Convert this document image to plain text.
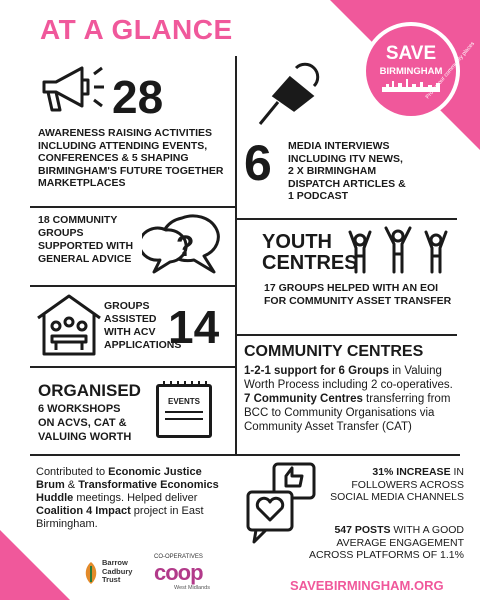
AT A GLANCE
SAVE
BIRMINGHAM
Protect our community places
28
AWARENESS RAISING ACTIVITIES INCLUDING ATTENDING EVENTS, CONFERENCES & 5 SHAPING BIRMINGHAM'S FUTURE TOGETHER MARKETPLACES	6 MEDIA INTERVIEWS
INCLUDING ITV NEWS,
2 X BIRMINGHAM
DISPATCH ARTICLES &
1 PODCAST
18 COMMUNITY GROUPS SUPPORTED WITH GENERAL ADVICE	?	YOUTH
CENTRES
17 GROUPS HELPED WITH AN EOI FOR COMMUNITY ASSET TRANSFER
GROUPS ASSISTED WITH ACV APPLICATIONS
14 COMMUNITY CENTRES
1-2-1 support for 6 Groups in Valuing Worth Process including 2 co-operatives. 7 Community Centres transferring from BCC to Community Organisations via Community Asset Transfer (CAT)
ORGANISED
6 WORKSHOPS
ON ACVS, CAT &
VALUING WORTH
EVENTS
Contributed to Economic Justice Brum & Transformative Economics Huddle meetings. Helped deliver Coalition 4 Impact project in East Birmingham.
31% INCREASE IN FOLLOWERS ACROSS SOCIAL MEDIA CHANNELS
547 POSTS WITH A GOOD AVERAGE ENGAGEMENT ACROSS PLATFORMS OF 1.1%
Barrow
Cadbury
Trust
CO-OPERATIVES
coop
West Midlands	SAVEBIRMINGHAM.ORG
